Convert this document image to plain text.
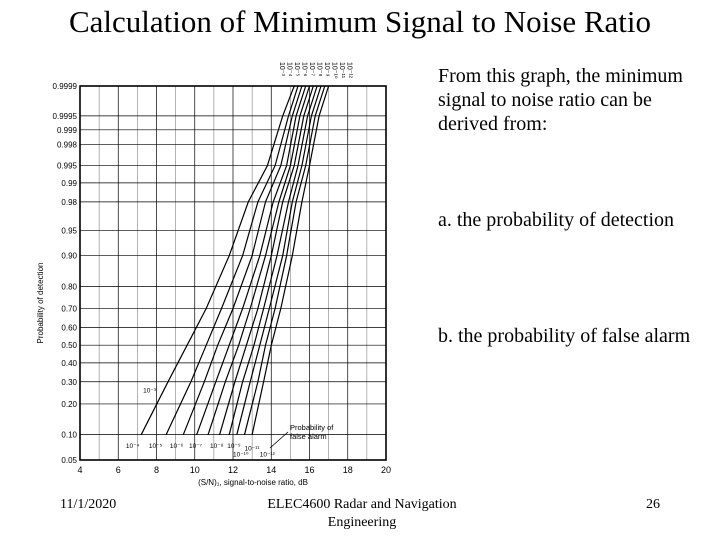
Calculation of Minimum Signal to Noise Ratio
0.05
0.10
0.20
0.30
0.40
0.50
0.60
0.70
0.80
0.90
0.95
0.98
0.99
0.995
0.998
0.999
0.9995
0.9999
4	6	8	10	12	14	16	18	20
Probability of detection
(S/N)₁, signal-to-noise ratio, dB
10⁻³ 10⁻⁴ 10⁻⁵ 10⁻⁶ 10⁻⁷ 10⁻⁸ 10⁻⁹ 10⁻¹⁰ 10⁻¹¹ 10⁻¹²
10⁻³
10⁻⁴ 10⁻⁵ 10⁻⁶ 10⁻⁷ 10⁻⁸ 10⁻⁹
10⁻¹⁰
10⁻¹¹
10⁻¹²
Probability of
false alarm
From this graph, the minimum signal to noise ratio can be derived from:
a. the probability of detection
b. the probability of false alarm
11/1/2020	ELEC4600 Radar and Navigation Engineering
26
